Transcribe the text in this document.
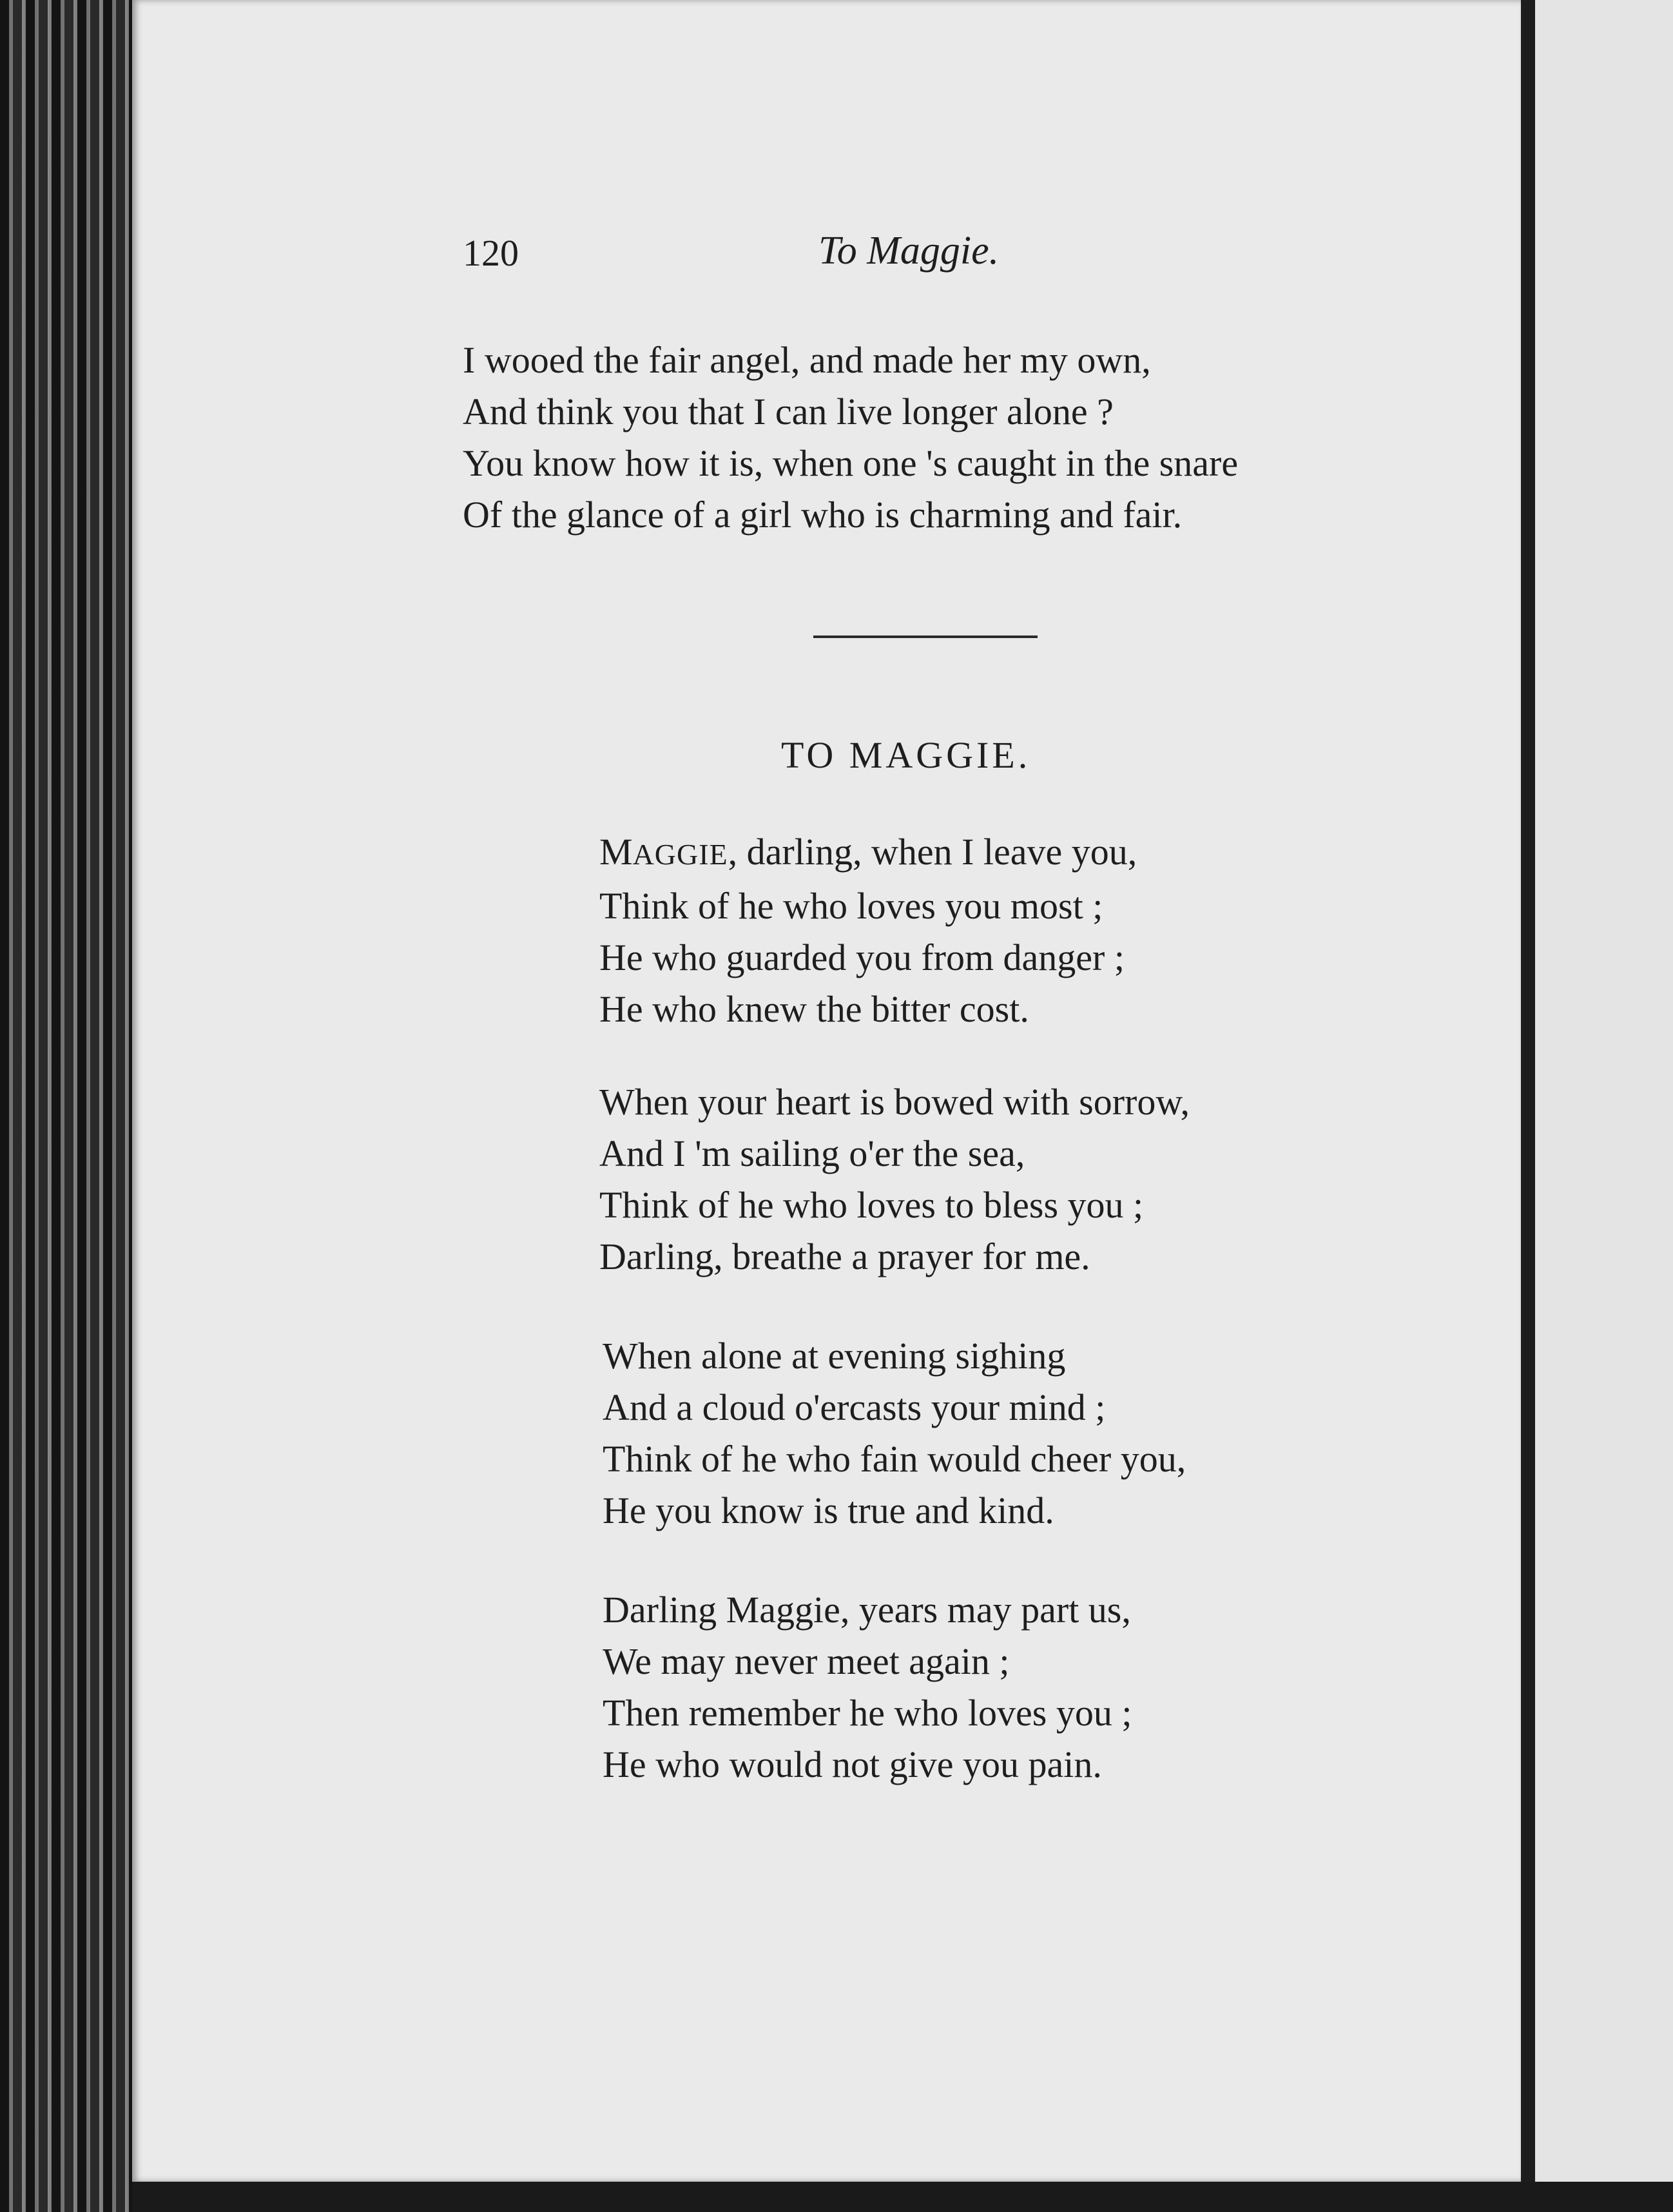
120	To Maggie.
I wooed the fair angel, and made her my own,
And think you that I can live longer alone ?
You know how it is, when one 's caught in the snare
Of the glance of a girl who is charming and fair.
TO MAGGIE.
MAGGIE, darling, when I leave you,
Think of he who loves you most ;
He who guarded you from danger ;
He who knew the bitter cost.
When your heart is bowed with sorrow,
And I 'm sailing o'er the sea,
Think of he who loves to bless you ;
Darling, breathe a prayer for me.
When alone at evening sighing
And a cloud o'ercasts your mind ;
Think of he who fain would cheer you,
He you know is true and kind.
Darling Maggie, years may part us,
We may never meet again ;
Then remember he who loves you ;
He who would not give you pain.
